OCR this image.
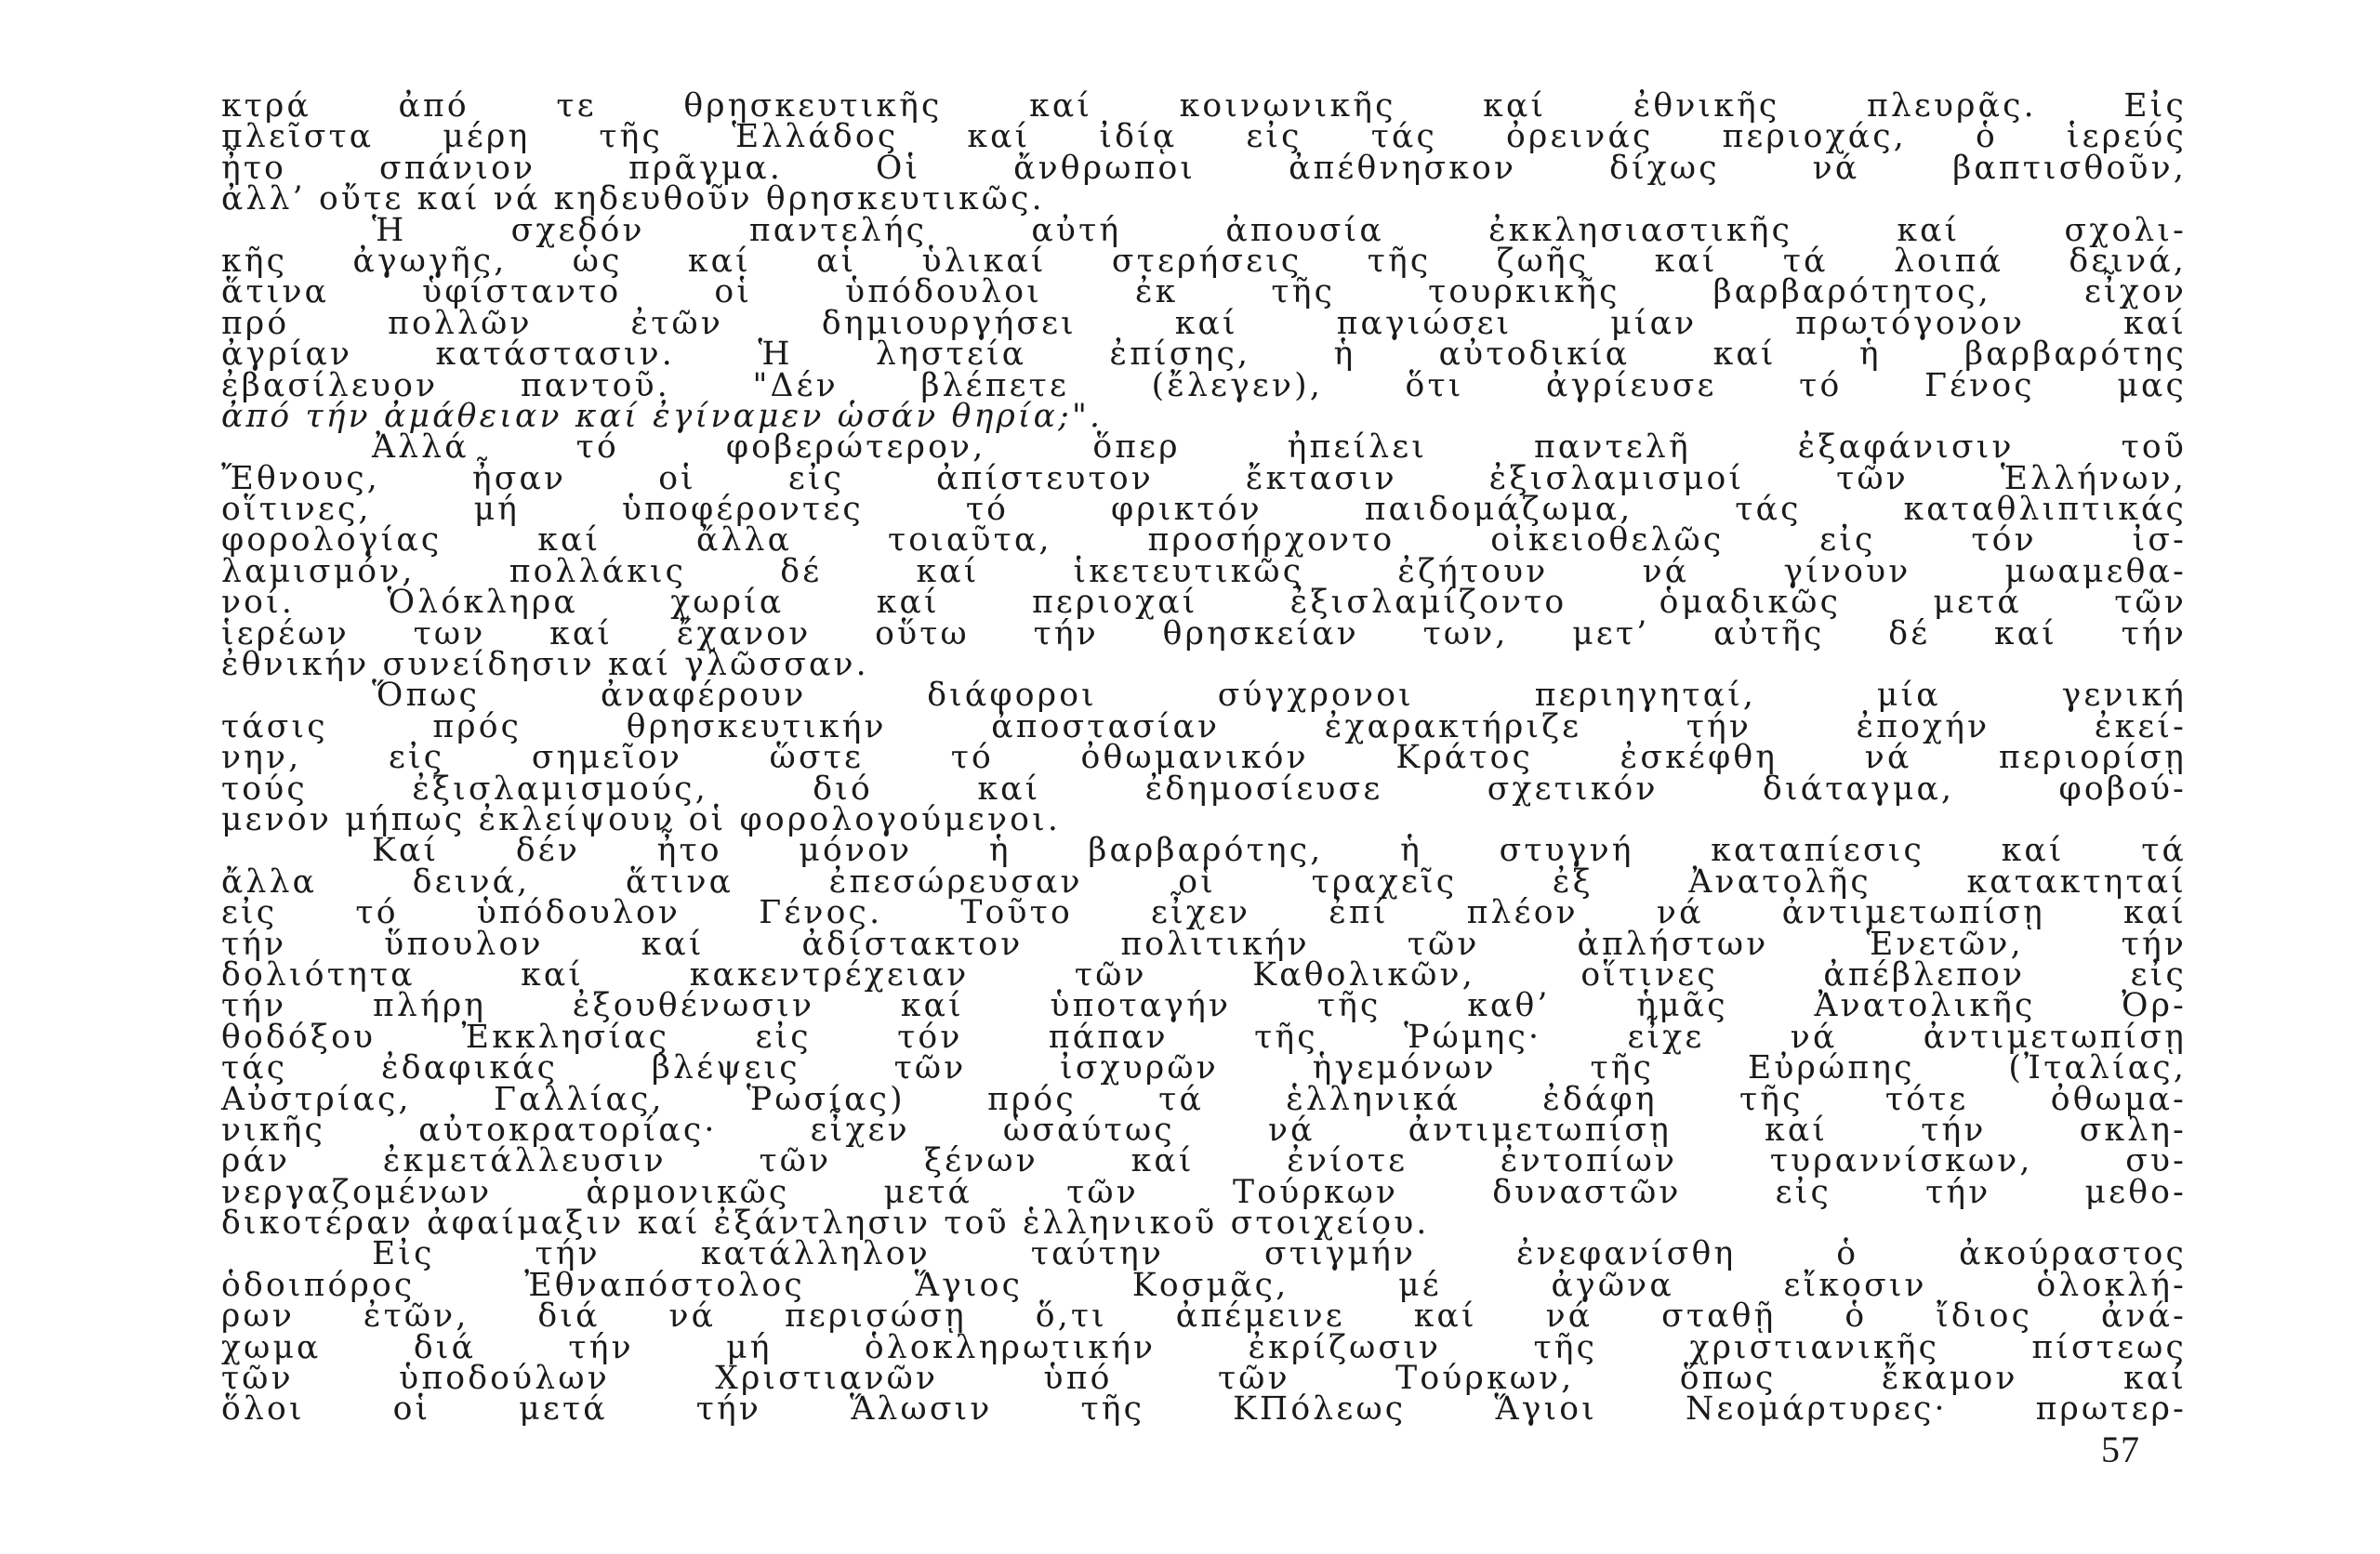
κτρά ἀπό τε θρησκευτικῆς καί κοινωνικῆς καί ἐθνικῆς πλευρᾶς. Εἰς
πλεῖστα μέρη τῆς Ἑλλάδος καί ἰδίᾳ εἰς τάς ὀρεινάς περιοχάς, ὁ ἱερεύς
ἦτο σπάνιον πρᾶγμα. Οἱ ἄνθρωποι ἀπέθνησκον δίχως νά βαπτισθοῦν,
ἀλλ’ οὔτε καί νά κηδευθοῦν θρησκευτικῶς.
Ἡ σχεδόν παντελής αὐτή ἀπουσία ἐκκλησιαστικῆς καί σχολι-
κῆς ἀγωγῆς, ὡς καί αἱ ὑλικαί στερήσεις τῆς ζωῆς καί τά λοιπά δεινά,
ἅτινα ὑφίσταντο οἱ ὑπόδουλοι ἐκ τῆς τουρκικῆς βαρβαρότητος, εἶχον
πρό πολλῶν ἐτῶν δημιουργήσει καί παγιώσει μίαν πρωτόγονον καί
ἀγρίαν κατάστασιν. Ἡ ληστεία ἐπίσης, ἡ αὐτοδικία καί ἡ βαρβαρότης
ἐβασίλευον παντοῦ. "Δέν βλέπετε (ἔλεγεν), ὅτι ἀγρίευσε τό Γένος μας
ἀπό τήν ἀμάθειαν καί ἐγίναμεν ὡσάν θηρία;".
Ἀλλά τό φοβερώτερον, ὅπερ ἠπείλει παντελῆ ἐξαφάνισιν τοῦ
Ἔθνους, ἦσαν οἱ εἰς ἀπίστευτον ἔκτασιν ἐξισλαμισμοί τῶν Ἑλλήνων,
οἵτινες, μή ὑποφέροντες τό φρικτόν παιδομάζωμα, τάς καταθλιπτικάς
φορολογίας καί ἄλλα τοιαῦτα, προσήρχοντο οἰκειοθελῶς εἰς τόν ἰσ-
λαμισμόν, πολλάκις δέ καί ἱκετευτικῶς ἐζήτουν νά γίνουν μωαμεθα-
νοί. Ὁλόκληρα χωρία καί περιοχαί ἐξισλαμίζοντο ὁμαδικῶς μετά τῶν
ἱερέων των καί ἔχανον οὕτω τήν θρησκείαν των, μετ’ αὐτῆς δέ καί τήν
ἐθνικήν συνείδησιν καί γλῶσσαν.
Ὅπως ἀναφέρουν διάφοροι σύγχρονοι περιηγηταί, μία γενική
τάσις πρός θρησκευτικήν ἀποστασίαν ἐχαρακτήριζε τήν ἐποχήν ἐκεί-
νην, εἰς σημεῖον ὥστε τό ὀθωμανικόν Κράτος ἐσκέφθη νά περιορίσῃ
τούς ἐξισλαμισμούς, διό καί ἐδημοσίευσε σχετικόν διάταγμα, φοβού-
μενον μήπως ἐκλείψουν οἱ φορολογούμενοι.
Καί δέν ἦτο μόνον ἡ βαρβαρότης, ἡ στυγνή καταπίεσις καί τά
ἄλλα δεινά, ἅτινα ἐπεσώρευσαν οἱ τραχεῖς ἐξ Ἀνατολῆς κατακτηταί
εἰς τό ὑπόδουλον Γένος. Τοῦτο εἶχεν ἐπί πλέον νά ἀντιμετωπίσῃ καί
τήν ὕπουλον καί ἀδίστακτον πολιτικήν τῶν ἀπλήστων Ἑνετῶν, τήν
δολιότητα καί κακεντρέχειαν τῶν Καθολικῶν, οἵτινες ἀπέβλεπον εἰς
τήν πλήρη ἐξουθένωσιν καί ὑποταγήν τῆς καθ’ ἡμᾶς Ἀνατολικῆς Ὀρ-
θοδόξου Ἐκκλησίας εἰς τόν πάπαν τῆς Ῥώμης· εἶχε νά ἀντιμετωπίσῃ
τάς ἐδαφικάς βλέψεις τῶν ἰσχυρῶν ἡγεμόνων τῆς Εὐρώπης (Ἰταλίας,
Αὐστρίας, Γαλλίας, Ῥωσίας) πρός τά ἑλληνικά ἐδάφη τῆς τότε ὀθωμα-
νικῆς αὐτοκρατορίας· εἶχεν ὡσαύτως νά ἀντιμετωπίσῃ καί τήν σκλη-
ράν ἐκμετάλλευσιν τῶν ξένων καί ἐνίοτε ἐντοπίων τυραννίσκων, συ-
νεργαζομένων ἁρμονικῶς μετά τῶν Τούρκων δυναστῶν εἰς τήν μεθο-
δικοτέραν ἀφαίμαξιν καί ἐξάντλησιν τοῦ ἑλληνικοῦ στοιχείου.
Εἰς τήν κατάλληλον ταύτην στιγμήν ἐνεφανίσθη ὁ ἀκούραστος
ὁδοιπόρος Ἐθναπόστολος Ἅγιος Κοσμᾶς, μέ ἀγῶνα εἴκοσιν ὁλοκλή-
ρων ἐτῶν, διά νά περισώσῃ ὅ,τι ἀπέμεινε καί νά σταθῇ ὁ ἴδιος ἀνά-
χωμα διά τήν μή ὁλοκληρωτικήν ἐκρίζωσιν τῆς χριστιανικῆς πίστεως
τῶν ὑποδούλων Χριστιανῶν ὑπό τῶν Τούρκων, ὅπως ἔκαμον καί
ὅλοι οἱ μετά τήν Ἅλωσιν τῆς ΚΠόλεως Ἅγιοι Νεομάρτυρες· πρωτερ-
57
